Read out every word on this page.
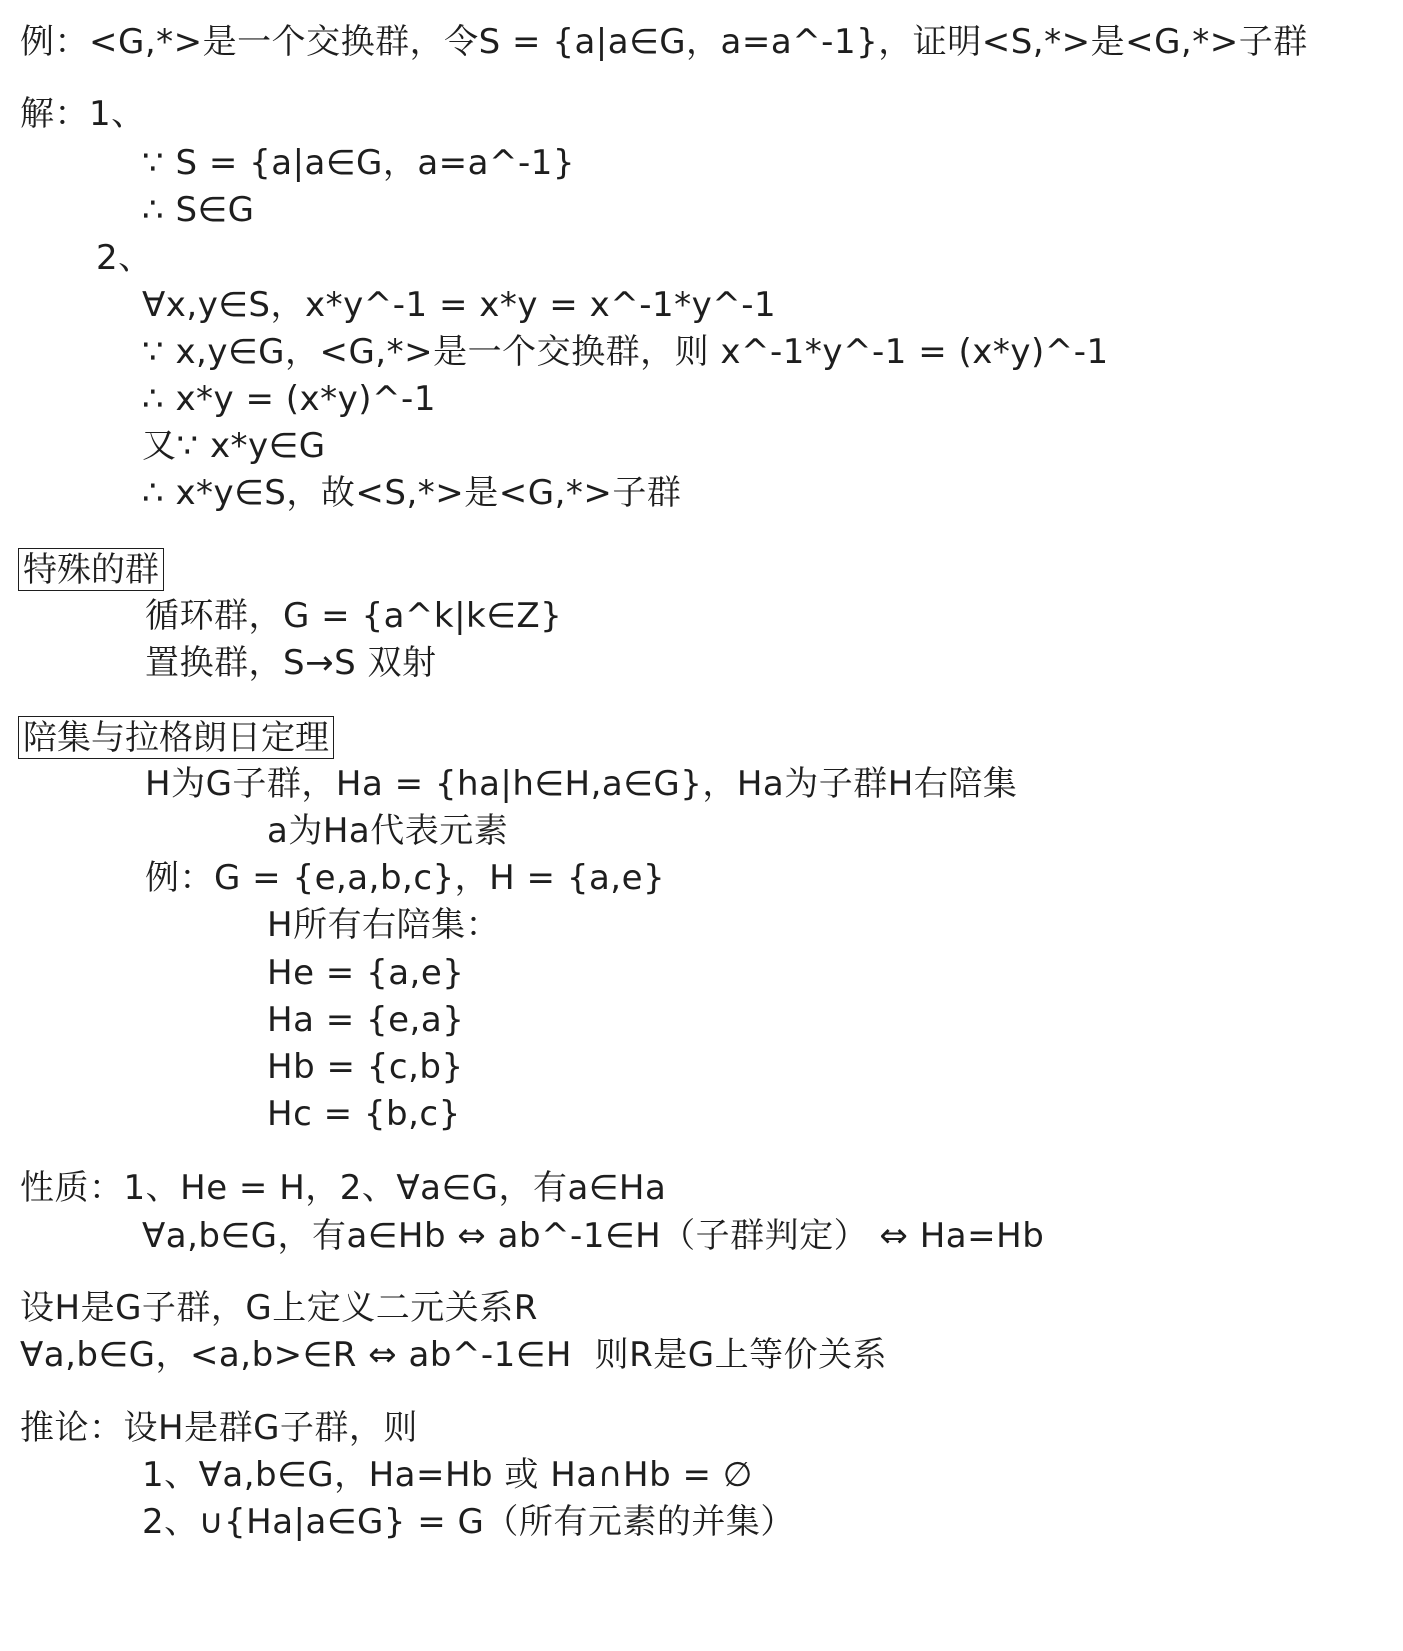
例：<G,*>是一个交换群，令S = {a|a∈G，a=a^-1}，证明<S,*>是<G,*>子群
解：1、
∵ S = {a|a∈G，a=a^-1}
∴ S∈G
2、
∀x,y∈S，x*y^-1 = x*y = x^-1*y^-1
∵ x,y∈G，<G,*>是一个交换群，则 x^-1*y^-1 = (x*y)^-1
∴ x*y = (x*y)^-1
又∵ x*y∈G
∴ x*y∈S，故<S,*>是<G,*>子群
特殊的群
循环群，G = {a^k|k∈Z}
置换群，S→S 双射
陪集与拉格朗日定理
H为G子群，Ha = {ha|h∈H,a∈G}，Ha为子群H右陪集
a为Ha代表元素
例：G = {e,a,b,c}，H = {a,e}
H所有右陪集：
He = {a,e}
Ha = {e,a}
Hb = {c,b}
Hc = {b,c}
性质：1、He = H，2、∀a∈G，有a∈Ha
∀a,b∈G，有a∈Hb ⇔ ab^-1∈H（子群判定） ⇔ Ha=Hb
设H是G子群，G上定义二元关系R
∀a,b∈G，<a,b>∈R ⇔ ab^-1∈H  则R是G上等价关系
推论：设H是群G子群，则
1、∀a,b∈G，Ha=Hb 或 Ha∩Hb = ∅
2、∪{Ha|a∈G} = G（所有元素的并集）
